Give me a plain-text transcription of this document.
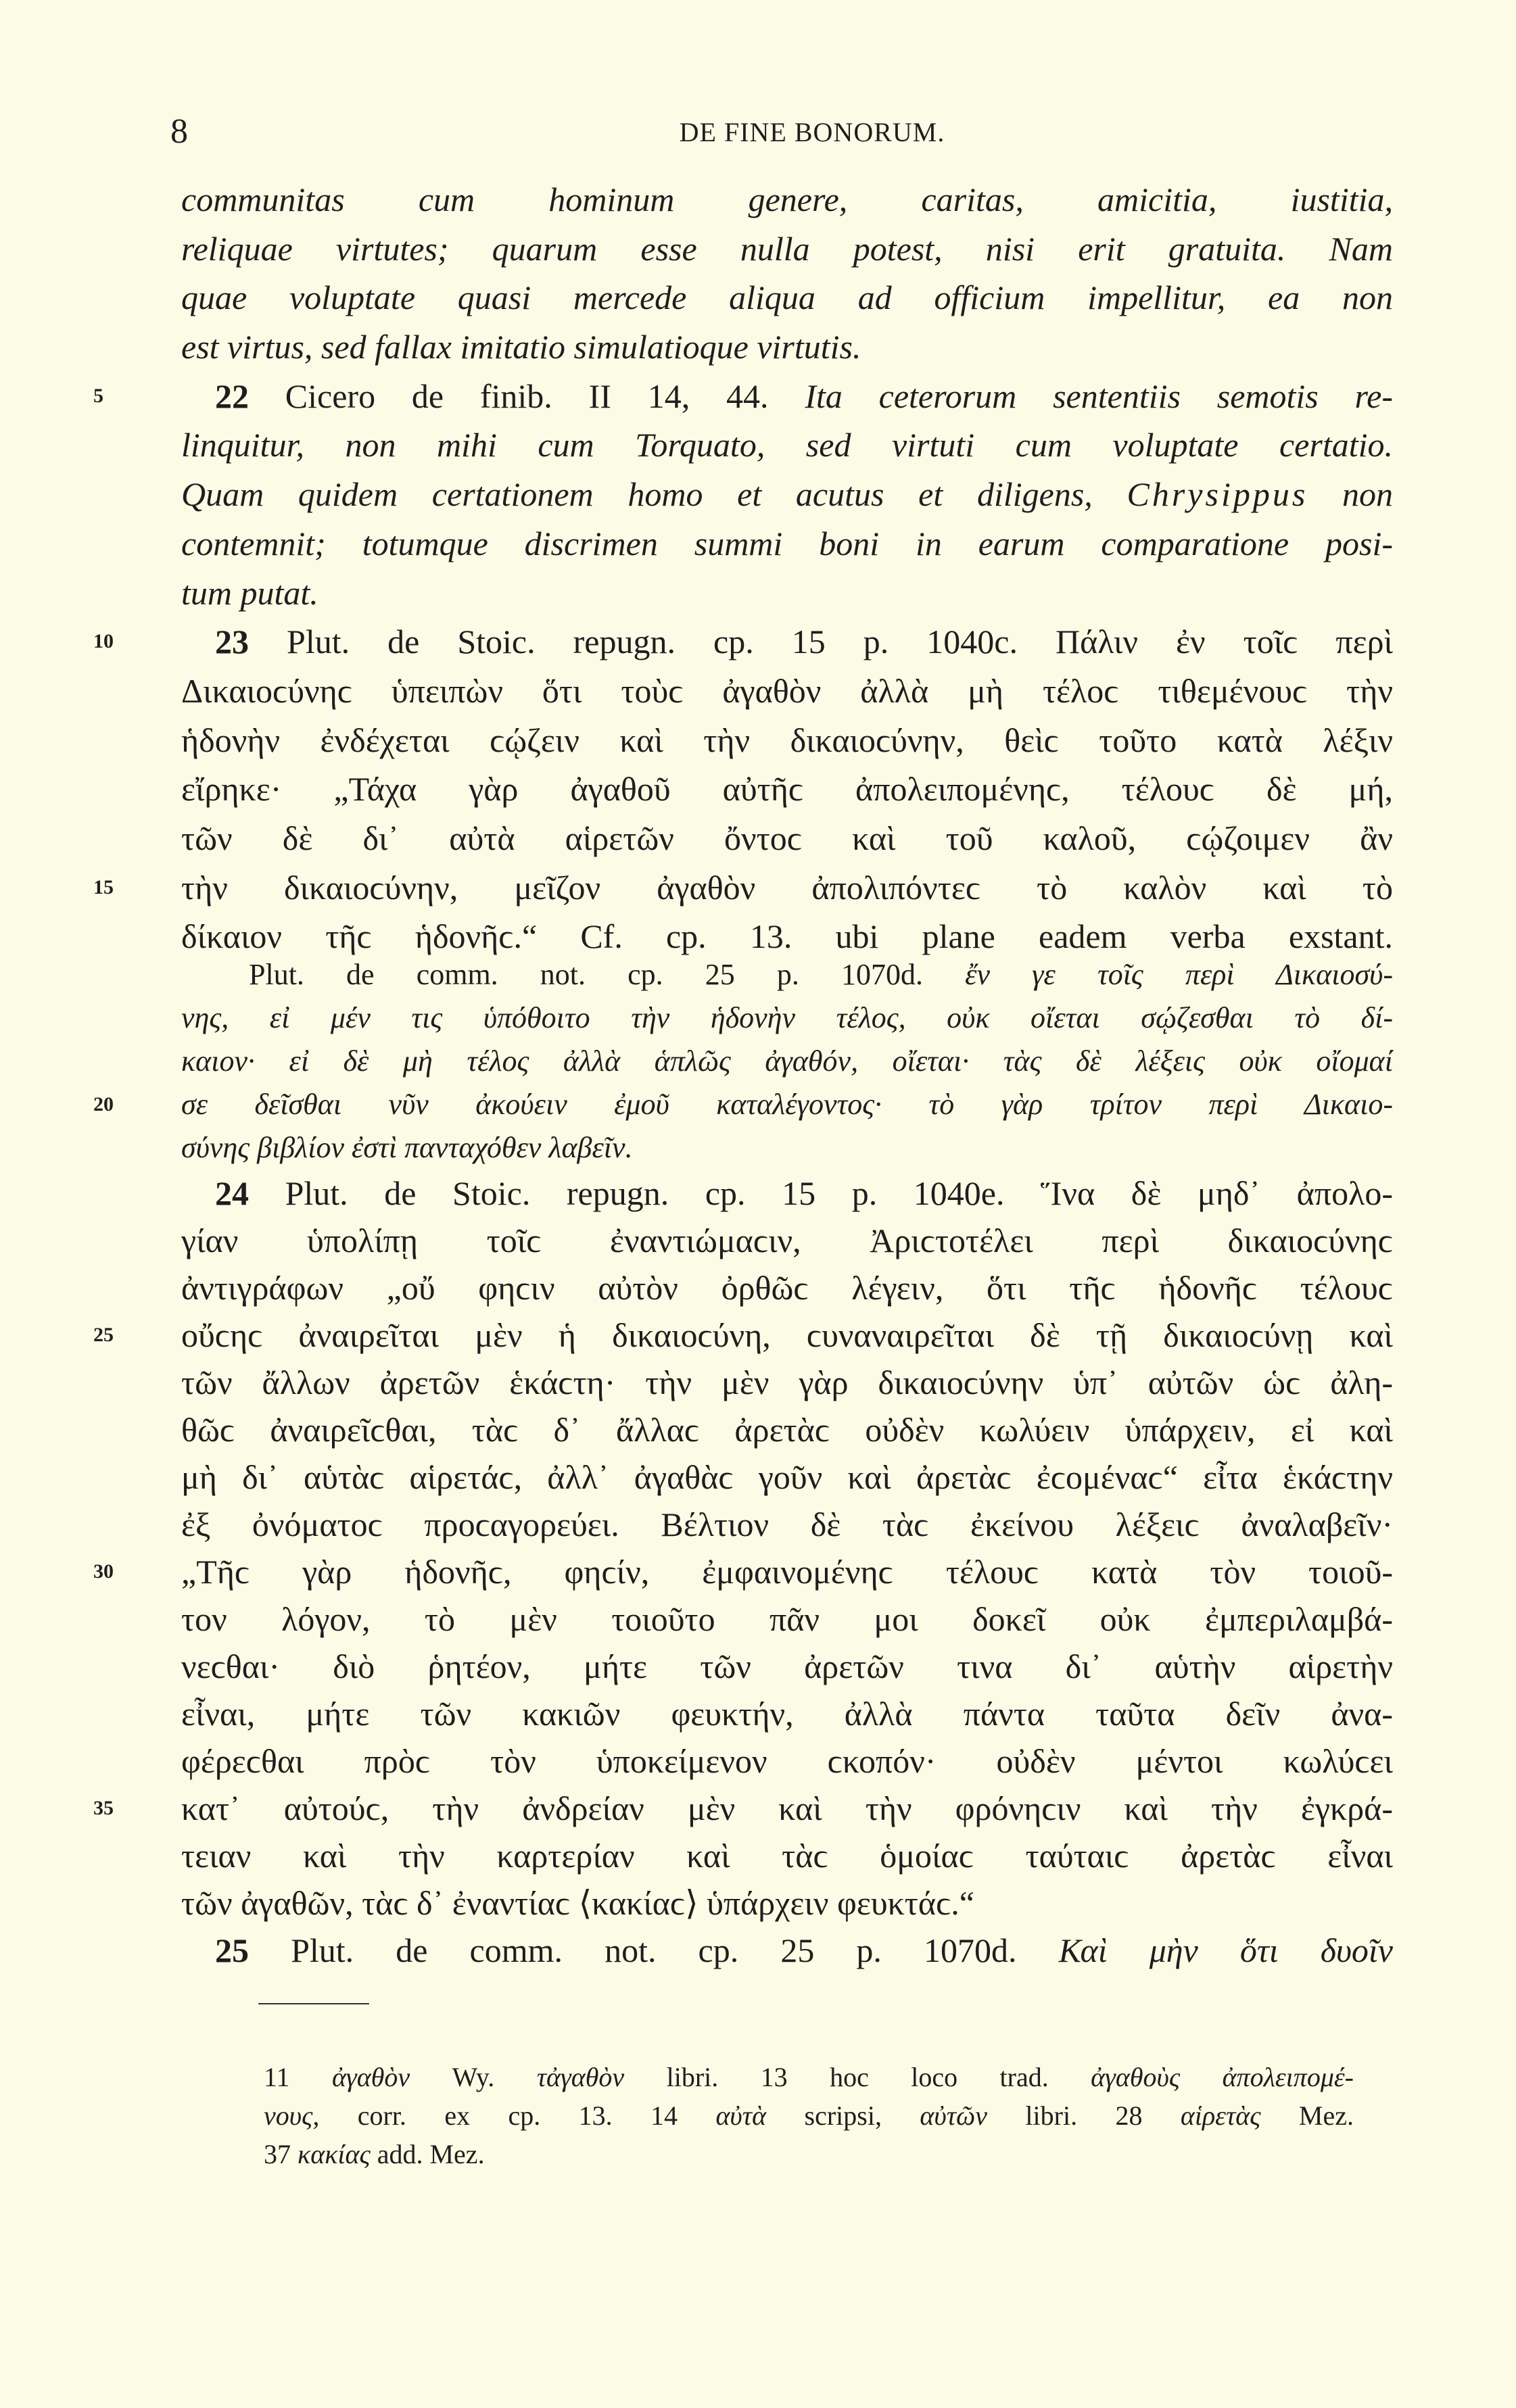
8	DE FINE BONORUM.
communitas cum hominum genere, caritas, amicitia, iustitia,
reliquae virtutes; quarum esse nulla potest, nisi erit gratuita. Nam
quae voluptate quasi mercede aliqua ad officium impellitur, ea non
est virtus, sed fallax imitatio simulatioque virtutis.
5	22 Cicero de finib. II 14, 44. Ita ceterorum sententiis semotis re-
linquitur, non mihi cum Torquato, sed virtuti cum voluptate certatio.
Quam quidem certationem homo et acutus et diligens, Chrysippus non
contemnit; totumque discrimen summi boni in earum comparatione posi-
tum putat.
10	23 Plut. de Stoic. repugn. cp. 15 p. 1040c. Πάλιν ἐν τοῖϲ περὶ
Δικαιοϲύνηϲ ὑπειπὼν ὅτι τοὺϲ ἀγαθὸν ἀλλὰ μὴ τέλοϲ τιθεμένουϲ τὴν
ἡδονὴν ἐνδέχεται ϲῴζειν καὶ τὴν δικαιοϲύνην, θεὶϲ τοῦτο κατὰ λέξιν
εἴρηκε· „Τάχα γὰρ ἀγαθοῦ αὐτῆϲ ἀπολειπομένηϲ, τέλουϲ δὲ μή,
τῶν δὲ δι᾽ αὐτὰ αἱρετῶν ὄντοϲ καὶ τοῦ καλοῦ, ϲῴζοιμεν ἂν
15	τὴν δικαιοϲύνην, μεῖζον ἀγαθὸν ἀπολιπόντεϲ τὸ καλὸν καὶ τὸ
δίκαιον τῆϲ ἡδονῆϲ.“ Cf. cp. 13. ubi plane eadem verba exstant.
Plut. de comm. not. cp. 25 p. 1070d. ἔν γε τοῖς περὶ Δικαιοσύ-
νης, εἰ μέν τις ὑπόθοιτο τὴν ἡδονὴν τέλος, οὐκ οἴεται σῴζεσθαι τὸ δί-
καιον· εἰ δὲ μὴ τέλος ἀλλὰ ἁπλῶς ἀγαθόν, οἴεται· τὰς δὲ λέξεις οὐκ οἴομαί
20	σε δεῖσθαι νῦν ἀκούειν ἐμοῦ καταλέγοντος· τὸ γὰρ τρίτον περὶ Δικαιο-
σύνης βιβλίον ἐστὶ πανταχόθεν λαβεῖν.
24 Plut. de Stoic. repugn. cp. 15 p. 1040e. Ἵνα δὲ μηδ᾽ ἀπολο-
γίαν ὑπολίπῃ τοῖϲ ἐναντιώμαϲιν, Ἀριϲτοτέλει περὶ δικαιοϲύνηϲ
ἀντιγράφων „οὔ φηϲιν αὐτὸν ὀρθῶϲ λέγειν, ὅτι τῆϲ ἡδονῆϲ τέλουϲ
25	οὔϲηϲ ἀναιρεῖται μὲν ἡ δικαιοϲύνη, ϲυναναιρεῖται δὲ τῇ δικαιοϲύνῃ καὶ
τῶν ἄλλων ἀρετῶν ἑκάϲτη· τὴν μὲν γὰρ δικαιοϲύνην ὑπ᾽ αὐτῶν ὡϲ ἀλη-
θῶϲ ἀναιρεῖϲθαι, τὰϲ δ᾽ ἄλλαϲ ἀρετὰϲ οὐδὲν κωλύειν ὑπάρχειν, εἰ καὶ
μὴ δι᾽ αὑτὰϲ αἱρετάϲ, ἀλλ᾽ ἀγαθὰϲ γοῦν καὶ ἀρετὰϲ ἐϲομέναϲ“ εἶτα ἑκάϲτην
ἐξ ὀνόματοϲ προϲαγορεύει. Βέλτιον δὲ τὰϲ ἐκείνου λέξειϲ ἀναλαβεῖν·
30	„Τῆϲ γὰρ ἡδονῆϲ, φηϲίν, ἐμφαινομένηϲ τέλουϲ κατὰ τὸν τοιοῦ-
τον λόγον, τὸ μὲν τοιοῦτο πᾶν μοι δοκεῖ οὐκ ἐμπεριλαμβά-
νεϲθαι· διὸ ῥητέον, μήτε τῶν ἀρετῶν τινα δι᾽ αὑτὴν αἱρετὴν
εἶναι, μήτε τῶν κακιῶν φευκτήν, ἀλλὰ πάντα ταῦτα δεῖν ἀνα-
φέρεϲθαι πρὸϲ τὸν ὑποκείμενον ϲκοπόν· οὐδὲν μέντοι κωλύϲει
35	κατ᾽ αὐτούϲ, τὴν ἀνδρείαν μὲν καὶ τὴν φρόνηϲιν καὶ τὴν ἐγκρά-
τειαν καὶ τὴν καρτερίαν καὶ τὰϲ ὁμοίαϲ ταύταιϲ ἀρετὰϲ εἶναι
τῶν ἀγαθῶν, τὰϲ δ᾽ ἐναντίαϲ ⟨κακίαϲ⟩ ὑπάρχειν φευκτάϲ.“
25 Plut. de comm. not. cp. 25 p. 1070d. Καὶ μὴν ὅτι δυοῖν
11 ἀγαθὸν Wy. τἀγαθὸν libri. 13 hoc loco trad. ἀγαθοὺς ἀπολειπομέ-
νους, corr. ex cp. 13. 14 αὐτὰ scripsi, αὐτῶν libri. 28 αἱρετὰς Mez.
37 κακίας add. Mez.
